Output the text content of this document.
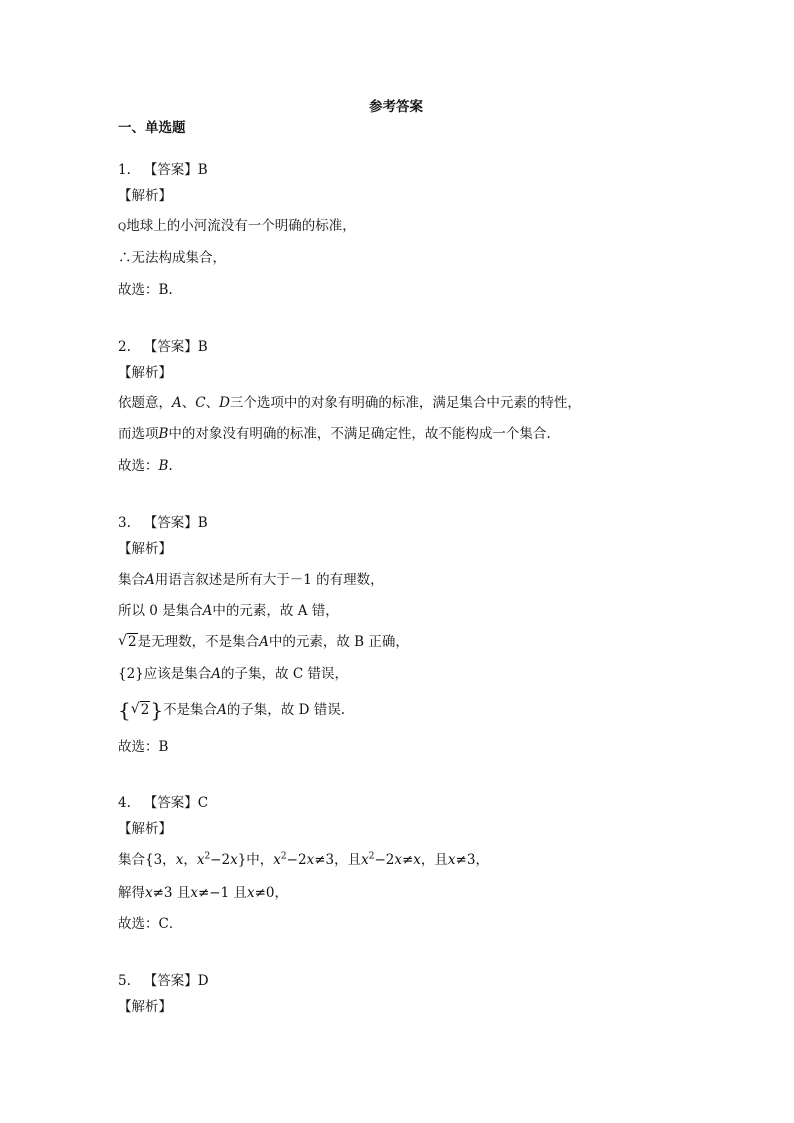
参考答案
一、单选题
1. 【答案】B
【解析】
Q地球上的小河流没有一个明确的标准，
∴无法构成集合，
故选：B.
2. 【答案】B
【解析】
依题意，A、C、D三个选项中的对象有明确的标准，满足集合中元素的特性，
而选项B中的对象没有明确的标准，不满足确定性，故不能构成一个集合.
故选：B.
3. 【答案】B
【解析】
集合A用语言叙述是所有大于－1 的有理数，
所以 0 是集合A中的元素，故 A 错，
√ 2是无理数，不是集合A中的元素，故 B 正确，
{2}应该是集合A的子集，故 C 错误，
{√ 2}不是集合A的子集，故 D 错误.
故选：B
4. 【答案】C
【解析】
集合{3，x，$x^2-2x$}中，$x^2-2x\ne 3$，且$x^2-2x\ne x$，且x≠3，
解得x≠3 且x≠−1 且x≠0，
故选：C．
5. 【答案】D
【解析】
